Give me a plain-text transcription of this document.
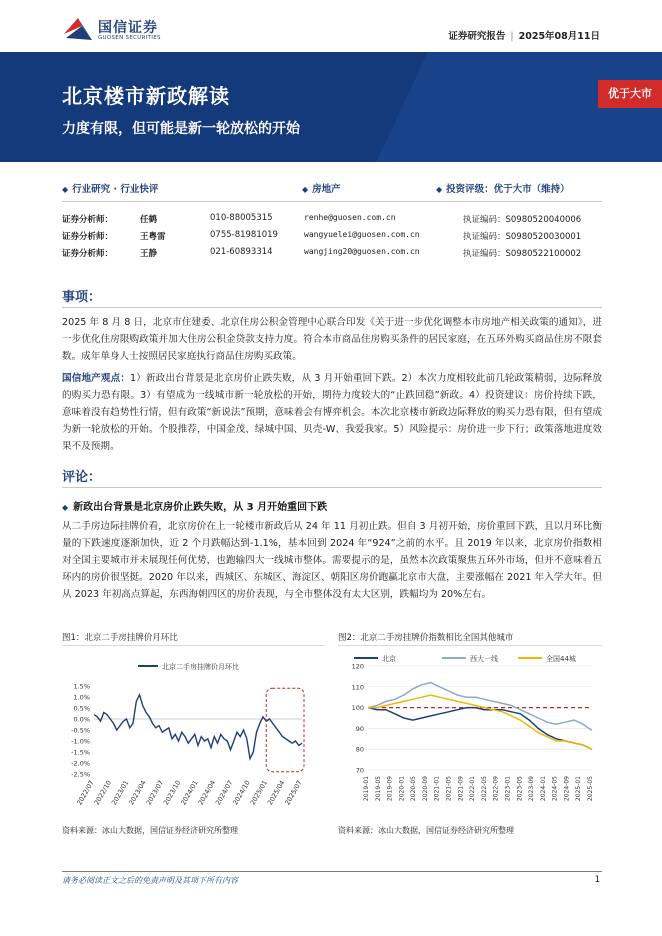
国信证券
GUOSEN SECURITIES	证券研究报告 | 2025年08月11日
北京楼市新政解读
力度有限，但可能是新一轮放松的开始
优于大市
◆ 行业研究 · 行业快评	◆ 房地产	◆ 投资评级：优于大市（维持）
证券分析师：	任鹤	010-88005315	renhe@guosen.com.cn	执证编码：S0980520040006
证券分析师：	王粤雷	0755-81981019	wangyuelei@guosen.com.cn	执证编码：S0980520030001
证券分析师：	王静	021-60893314	wangjing20@guosen.com.cn	执证编码：S0980522100002
事项：
2025 年 8 月 8 日，北京市住建委、北京住房公积金管理中心联合印发《关于进一步优化调整本市房地产相关政策的通知》，进一步优化住房限购政策并加大住房公积金贷款支持力度。符合本市商品住房购买条件的居民家庭，在五环外购买商品住房不限套数。成年单身人士按照居民家庭执行商品住房购买政策。
国信地产观点：1）新政出台背景是北京房价止跌失败，从 3 月开始重回下跌。2）本次力度相较此前几轮政策精弱，边际释放的购买力恐有限。3）有望成为一线城市新一轮放松的开始，期待力度较大的“止跌回稳”新政。4）投资建议：房价持续下跌，意味着没有趋势性行情，但有政策“新说法”预期，意味着会有博弈机会。本次北京楼市新政边际释放的购买力恐有限，但有望成为新一轮放松的开始。个股推荐，中国金茂、绿城中国、贝壳-W、我爱我家。5）风险提示：房价进一步下行；政策落地进度效果不及预期。
评论：
◆ 新政出台背景是北京房价止跌失败，从 3 月开始重回下跌
从二手房边际挂牌价看，北京房价在上一轮楼市新政后从 24 年 11 月初止跌。但自 3 月初开始，房价重回下跌，且以月环比衡量的下跌速度逐渐加快，近 2 个月跌幅达到-1.1%，基本回到 2024 年“924”之前的水平。且 2019 年以来，北京房价指数相对全国主要城市并未展现任何优势，也跑输四大一线城市整体。需要提示的是，虽然本次政策聚焦五环外市场，但并不意味着五环内的房价很坚挺。2020 年以来，西城区、东城区、海淀区、朝阳区房价跑赢北京市大盘，主要涨幅在 2021 年入学大年。但从 2023 年初高点算起，东西海朝四区的房价表现，与全市整体没有太大区别，跌幅均为 20%左右。
图1：北京二手房挂牌价月环比	图2：北京二手房挂牌价指数相比全国其他城市
北京二手房挂牌价月环比
1.5%
1.0%
0.5%
0.0%
-0.5%
-1.0%
-1.5%
-2.0%
-2.5%
2022/07
2022/10
2023/01
2023/04
2023/07
2023/10
2024/01
2024/04
2024/07
2024/10
2025/01
2025/04
2025/07
北京	西大一线	全国44城
120
110
100
90
80
70
2019-01 2019-05 2019-09 2020-01 2020-05 2020-09 2021-01 2021-05 2021-09 2022-01 2022-05 2022-09 2023-01 2023-05 2023-09 2024-01 2024-05 2024-09 2025-01 2025-05
资料来源：冰山大数据，国信证券经济研究所整理	资料来源：冰山大数据，国信证券经济研究所整理
请务必阅读正文之后的免责声明及其项下所有内容	1
